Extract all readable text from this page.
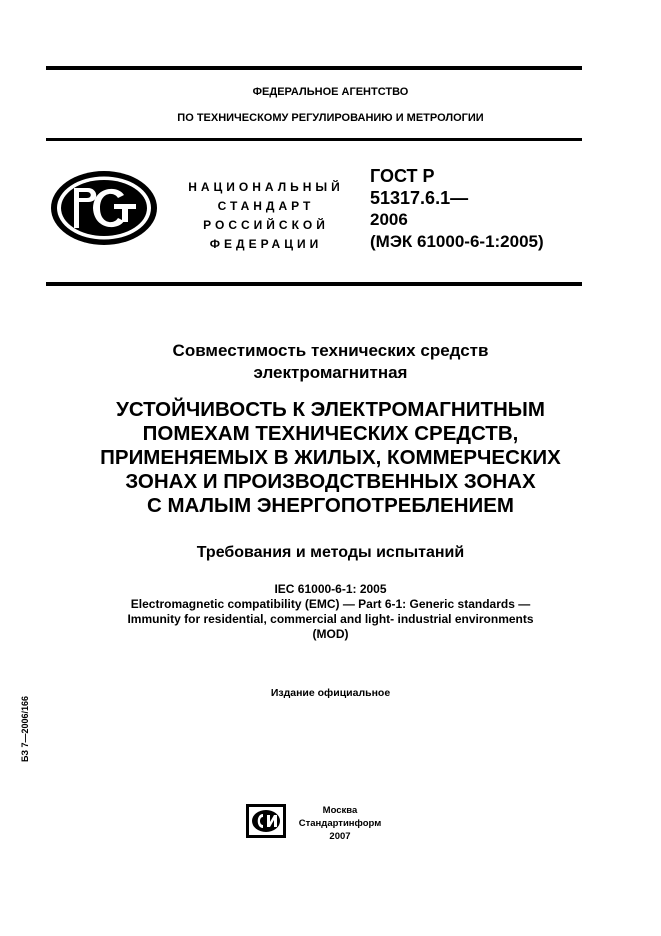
ФЕДЕРАЛЬНОЕ АГЕНТСТВО
ПО ТЕХНИЧЕСКОМУ РЕГУЛИРОВАНИЮ И МЕТРОЛОГИИ
НАЦИОНАЛЬНЫЙ
СТАНДАРТ
РОССИЙСКОЙ
ФЕДЕРАЦИИ
ГОСТ Р
51317.6.1—
2006
(МЭК 61000-6-1:2005)
Совместимость технических средств
электромагнитная
УСТОЙЧИВОСТЬ К ЭЛЕКТРОМАГНИТНЫМ
ПОМЕХАМ ТЕХНИЧЕСКИХ СРЕДСТВ,
ПРИМЕНЯЕМЫХ В ЖИЛЫХ, КОММЕРЧЕСКИХ
ЗОНАХ И ПРОИЗВОДСТВЕННЫХ ЗОНАХ
С МАЛЫМ ЭНЕРГОПОТРЕБЛЕНИЕМ
Требования и методы испытаний
IEC 61000-6-1: 2005
Electromagnetic compatibility (EMC) — Part 6-1: Generic standards —
Immunity for residential, commercial and light- industrial environments
(MOD)
Издание официальное
БЗ 7—2006/166
Москва
Стандартинформ
2007
